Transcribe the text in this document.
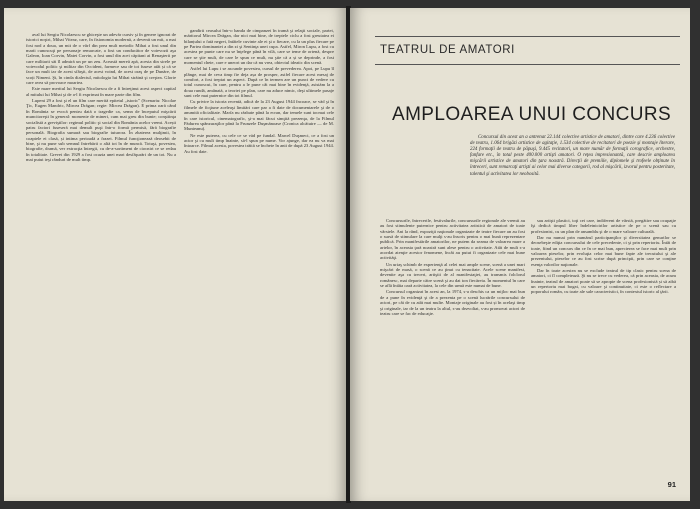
aval lui Sergiu Nicolaescu se ghiceşte un adevăr cursiv şi în genere ignorat de istorici noştri, Mihai Viteaz, care, în fisionomia modernă, a devenit un mit, a mai fost nod a doua, un mit de o vârf din prea mult metodic Mihai a fost unul din marii cunoscuţi pe personaje remarcate, a fost un conducător de voievozii aşa Galeon, Ioan Corvin, Matei Corvin, a fost unul din acei căpitani ai Renaşterii pe care militarii săi îl admiră un pe un zeu. Această mereă apă, acesta din sirele pe voievodul politic şi militar din Occident, farmece sau de tot fusese atât și că se face un mult iar de acest sfârşit, de acest voind, de acest oraş de pe Dunăre, de scoți Nimeni. Şi, în cinda dialectul, mitologia lui Mihai străină şi creştea. Glorie care avea să provoace moartea.

Este mare meritul lui Sergiu Nicolaescu de a fi întreţinut acest aspect capital al mitului lui Mihai şi de a-l fi exprimat în mare parte din film.

Lupeni 29 a fost şi el un film care merită epitetul „istoric” (Scenariu: Nicolae Ţic, Eugen Mandric, Mircea Drăgan; regie: Mircea Drăgan). E prima oară când în România se evocă pentru dată o tragedie ca, semn de începutul mişcării muncitoreşti în general: momente de mineri, cum mai greu din bunie; conştiinţa socialistă a greviştilor: regimul politic şi social din România acelor vremi. Acești patru factori fuseseră mai demult puşi într-o formă permisă, fără biografie personală. Biografia sumară sau biografie tuturora. În zbaterea mulţimii, în coaptele ei clasă, și intima perioadă a frazei. Filmul funcţionează deosebit de bine, şi nu pune sub semnul întrebării o altă tot în de muncă. Totuşi, povestea, biografie, dramă, ver extracţia întregii, cu de-a-sortiment de ciocniri ce se redau în totalitate. Grevei din 1929 a fost ocazia unei mari desfăşurări de un tot. Nu a mai putut ieşi rânduri de mult timp.

gandirii ceasului într-o banda de cimpanzei în tramă şi relaţii sociale, partei, măritorul Mircea Drăgan, dar nici mai bine, de treptele ciclu a fost greutatea ei bilanțului o fată negrei, întâiele cuvinte ale ei şi o fiecare, cu la un plus fiecare pe pe Partea dominantei a din zi şi Sentinţa unei cupa. Astfel, Miron Lupu, a fost cu acestea pe punte care nu se înţelege până în vilă, care se teme de ortenă, despre care se ştie mult, de care le spun ce mult, nu ştie că a și se deprinde, a fost momentul cheie, care e uneori un dar că nu vrea, obiectul ideatic din scenă.

Astfel lui Lupu i se ascunde povestea, cursul de prevederea. Apoi, pe Lupu îl plânge, mai de ceva timp fie deja așa de prosper, astfel fiecare acest mesaj de comfort, a fost treptat un aspect. După ce în termen are un punct de vedere cu totul cunoscut, în care, pentru a le pune cât mai bine în evidenţă, asistăm la a doua rundă, amânată, a teoriei pe plan, care nu aduce nimic, deşi ultimele pasaje sunt cele mai puternice din tot filmul.

Cu privire la istoria recentă, adică de la 23 August 1944 încoace, se văd şi în filmele de ficţiune aceleaşi limitări care par a fi date de documentarele şi de o anumită oficialitate. Marfa nu răzbate până la ecran, dar temele sunt tocmai cele în care istoricul, cinematografic, şi-a mai făcut simţită prezenţa, de la Filmul Pădurea spânzuraţilor până la Frunzele Duşmănoase (Cronica alcătuire — de M. Munteanu).

Ne este puterea, cu cele ce se văd pe fundal. Marcel Duşmeci, ce a fost un actor şi cu mult timp înainte, să-l spun pe nume. Vor ajunge, dar ea nu va mai întoarce. Filmul acesta, povestea trăită se încheie în anii de după 23 August 1944. Au fost date.

TEATRUL DE AMATORI
AMPLOAREA UNUI CONCURS

Concursul din acest an a antrenat 22.144 colective artistice de amatori, dintre care 4.236 colective de teatru, 1.064 brigăzi artistice de agitaţie, 1.534 colective de recitatori de poezie şi montaje literare, 224 formaţii de teatru de păpuşi, 9.445 recitatori, un mare număr de formaţii corografice, orchestre, fanfare etc., în total peste 400.000 artişti amatori. O reţea impresionantă, care descrie amploarea mişcării artistice de amatori din ţara noastră. Direcţii de premiile, diplomele şi trofeele obţinute în întreceri, sunt remarcaţi artişti ai celor mai diverse categorii, rod al mişcării, izvorul pentru posteritate, talentul şi activitatea lor neobosită.

Concursurile, întrecerile, festivalurile, concursurile regionale ale vremii au au fost stimulente puternice pentru activitatea artistică de amatori de toate vârstele. Ani la rând, expoziţii naţionale organizate de teatre fiecare an au fost o sursă de stimulare la care mulţi s-au înscris pentru o mai bună reprezentare publică. Prin manifestările amatorilor, ne putem da seama de valoarea mare a artelor, în aceasta ţară noastră sunt alese pentru o activitate. Atât de mult s-a acordat atenţie acestor fenomene, încât au putut fi organizate cele mai bune activităţi.

Un uriaş schimb de experienţă al celei mai ample scene, scenă a unei mari mişcări de masă, o scenă ce au ţinut cu tenacitate. Acele scene manifest, devenite aşa cu treceri, artiştii de al manifestaţiei, au transmis folclorul românesc, mai departe către scenă şi au dat ton fiecăreia. În momentul în care se află întâia oară activitatea, la cele din urmă este numai de bune.

Concursul organizat în acest an, la 1974, s-a deschis ca un mijloc mai bun de a pune în evidenţă şi de a prezenta pe o scenă lucrările concursului de actori, pe cât de cu atât mai multe. Montaje originale au fost și în acelaşi timp şi originale, iar de la un teatru la altul, s-au dezvoltat, s-au promovat actori de teatru care se fac de educaţie.

sau artişti plastici, toţi cei care, indiferent de vârstă, pregătire sau ocupaţie îşi dedică timpul liber îndeletnicirilor artistice de pe o scenă sau cu profesionist, cu un plan de ansamblu şi de o mare valoare culturală.

Dar nu numai prin numărul participanţilor şi diversitatea genurilor se deosebeşte ediţia concursului de cele precedente, ci şi prin repertoriu. Întâi de toate, fiind un concurs din ce în ce mai bun, aprecierea se face mai mult prin valoarea pieselor, prin evoluţia celor mai bune fapte ale trecutului şi ale prezentului, pieselor ce au fost scrise după principii, prin care se conţine esenţa valorilor naţionale.

Dar în toate acestea nu se exclude teatrul de tip clasic pentru scena de amatori, ci îl completează. Şi nu se trece cu vederea, că prin aceasta, de acum înainte, teatrul de amatori poate să se apropie de scena profesionistă și să aibă un repertoriu mai bogat, cu valoare şi continuitate, ci este o reflectare a poporului român, cu toate ale sale caracteristici, în contextul istoric al ţării.

91
